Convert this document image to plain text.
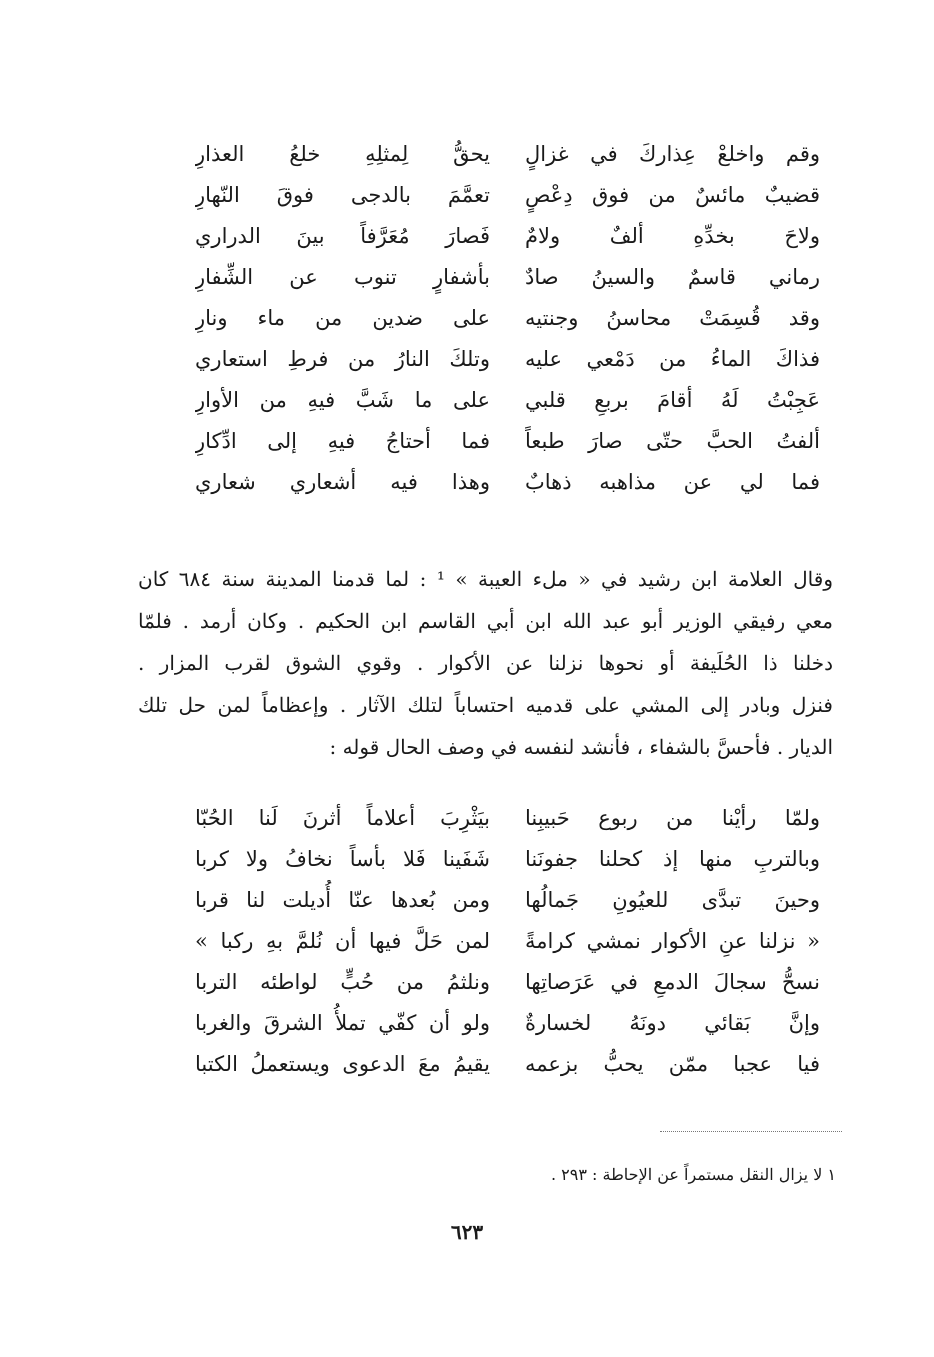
وقم واخلعْ عِذاركَ في غزالٍ
يحقُّ لِمثلِهِ خلعُ العذارِ
قضيبٌ مائسٌ من فوق دِعْصٍ
تعمَّمَ بالدجى فوقَ النّهارِ
ولاحَ بخدِّهِ ألفٌ ولامٌ
فَصارَ مُعَرَّفاً بينَ الدراري
رماني قاسمٌ والسينُ صادٌ
بأشفارٍ تنوب عن الشِّفارِ
وقد قُسِمَتْ محاسنُ وجنتيه
على ضدين من ماء ونارِ
فذاكَ الماءُ من دَمْعي عليه
وتلكَ النارُ من فرطِ استعاري
عَجِبْتُ لَهُ أقامَ بربعِ قلبي
على ما شَبَّ فيهِ من الأوارِ
ألفتُ الحبَّ حتّى صارَ طبعاً
فما أحتاجُ فيهِ إلى ادِّكارِ
فما لي عن مذاهبه ذهابٌ
وهذا فيه أشعاري شعاري
وقال العلامة ابن رشيد في « ملء العيبة » ¹ : لما قدمنا المدينة سنة ٦٨٤ كان
معي رفيقي الوزير أبو عبد الله ابن أبي القاسم ابن الحكيم . وكان أرمد . فلمّا
دخلنا ذا الحُلَيفة أو نحوها نزلنا عن الأكوار . وقوي الشوق لقرب المزار .
فنزل وبادر إلى المشي على قدميه احتساباً لتلك الآثار . وإعظاماً لمن حل تلك
الديار . فأحسَّ بالشفاء ، فأنشد لنفسه في وصف الحال قوله :
ولمّا رأيْنا من ربوع حَبيبِنا
بيَثْرِبَ أعلاماً أثرنَ لَنا الحُبّا
وبالتربِ منها إذ كحلنا جفونَنا
شَفَينا فَلا بأساً نخافُ ولا كربا
وحينَ تبدَّى للعيُونِ جَمالُها
ومن بُعدها عنّا أُديلت لنا قربا
« نزلنا عنِ الأكوار نمشي كرامةً
لمن حَلَّ فيها أن نُلمَّ بهِ ركبا »
نسحُّ سجالَ الدمعِ في عَرَصاتِها
ونلثمُ من حُبٍّ لواطئه التربا
وإنَّ بَقائي دونَهُ لخسارةٌ
ولو أن كفّي تملأُ الشرقَ والغربا
فيا عجبا ممّن يحبُّ بزعمه
يقيمُ معَ الدعوى ويستعملُ الكتبا
١ لا يزال النقل مستمراً عن الإحاطة : ٢٩٣ .
٦٢٣
